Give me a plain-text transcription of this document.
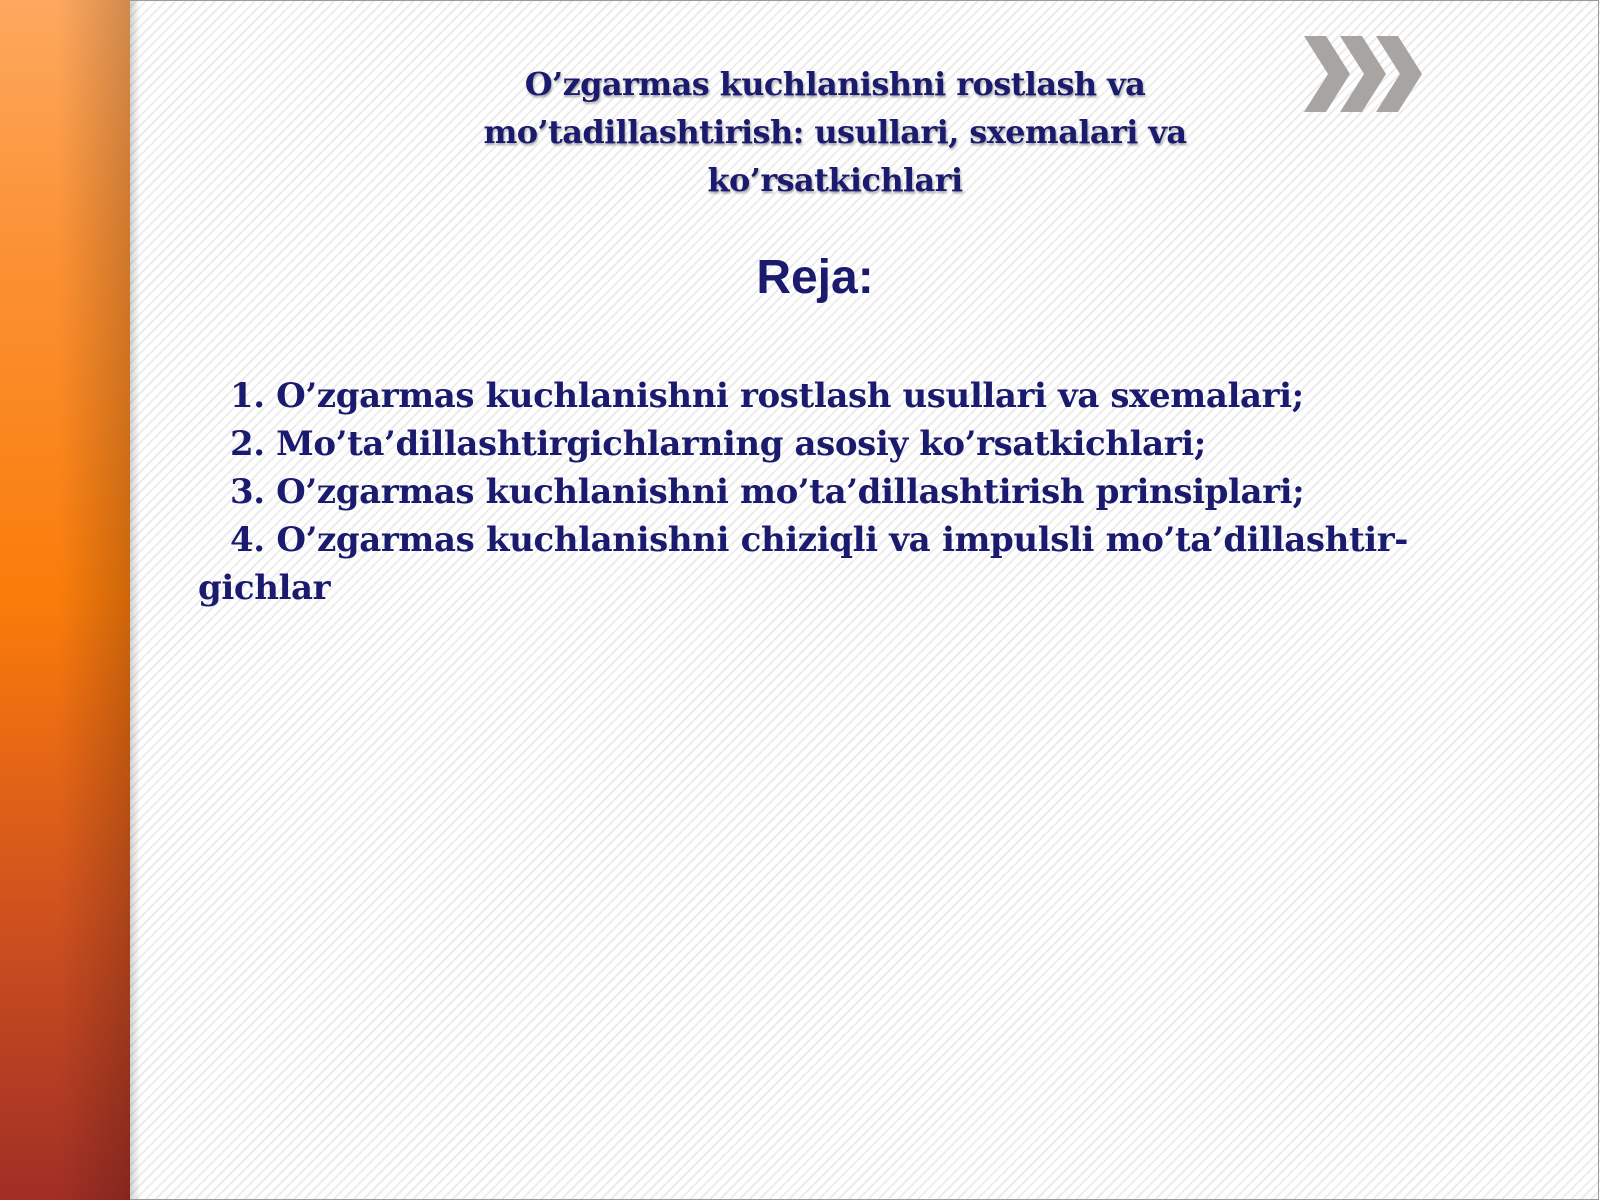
O’zgarmas kuchlanishni rostlash va mo’tadillashtirish: usullari, sxemalari va ko’rsatkichlari
Reja:
1. O’zgarmas kuchlanishni rostlash usullari va sxemalari;
2. Mo’ta’dillashtirgichlarning asosiy ko’rsatkichlari;
3. O’zgarmas kuchlanishni mo’ta’dillashtirish prinsiplari;
4. O’zgarmas kuchlanishni chiziqli va impulsli mo’ta’dillashtir-gichlar
